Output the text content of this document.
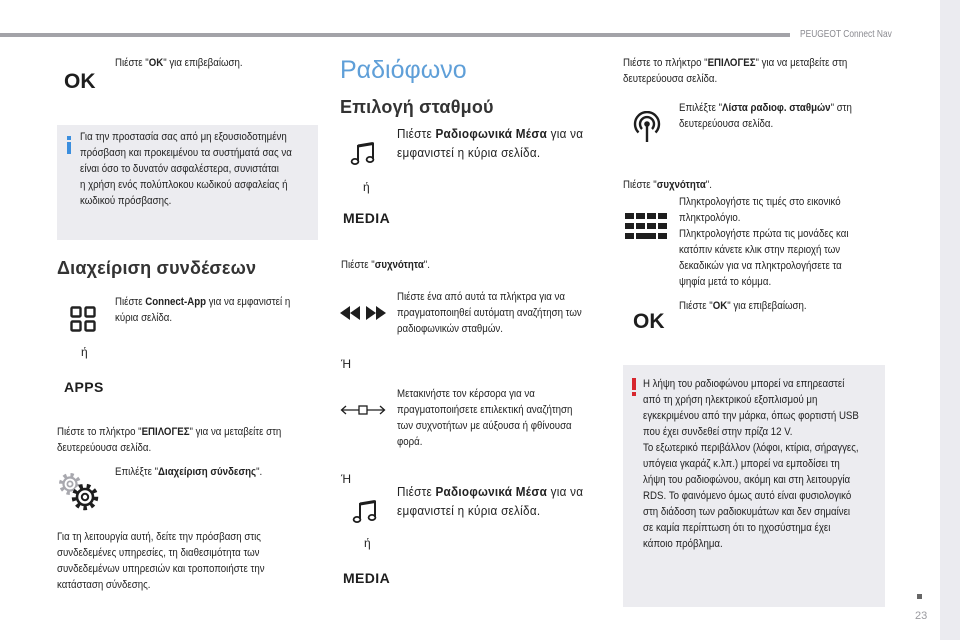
PEUGEOT Connect Nav
23
OK
Πιέστε "OK" για επιβεβαίωση.
Για την προστασία σας από μη εξουσιοδοτημένη
πρόσβαση και προκειμένου τα συστήματά σας να
είναι όσο το δυνατόν ασφαλέστερα, συνιστάται
η χρήση ενός πολύπλοκου κωδικού ασφαλείας ή
κωδικού πρόσβασης.
Διαχείριση συνδέσεων
ή
APPS
Πιέστε Connect-App για να εμφανιστεί η
κύρια σελίδα.
Πιέστε το πλήκτρο "ΕΠΙΛΟΓΕΣ" για να μεταβείτε στη
δευτερεύουσα σελίδα.
Επιλέξτε "Διαχείριση σύνδεσης".
Για τη λειτουργία αυτή, δείτε την πρόσβαση στις
συνδεδεμένες υπηρεσίες, τη διαθεσιμότητα των
συνδεδεμένων υπηρεσιών και τροποποιήστε την
κατάσταση σύνδεσης.
Ραδιόφωνο
Επιλογή σταθμού
ή
MEDIA
Πιέστε Ραδιοφωνικά Μέσα για να
εμφανιστεί η κύρια σελίδα.
Πιέστε "συχνότητα".
Πιέστε ένα από αυτά τα πλήκτρα για να
πραγματοποιηθεί αυτόματη αναζήτηση των
ραδιοφωνικών σταθμών.
Ή
Μετακινήστε τον κέρσορα για να
πραγματοποιήσετε επιλεκτική αναζήτηση
των συχνοτήτων με αύξουσα ή φθίνουσα
φορά.
Ή
ή
MEDIA
Πιέστε Ραδιοφωνικά Μέσα για να
εμφανιστεί η κύρια σελίδα.
Πιέστε το πλήκτρο "ΕΠΙΛΟΓΕΣ" για να μεταβείτε στη
δευτερεύουσα σελίδα.
Επιλέξτε "Λίστα ραδιοφ. σταθμών" στη
δευτερεύουσα σελίδα.
Πιέστε "συχνότητα".
Πληκτρολογήστε τις τιμές στο εικονικό
πληκτρολόγιο.
Πληκτρολογήστε πρώτα τις μονάδες και
κατόπιν κάνετε κλικ στην περιοχή των
δεκαδικών για να πληκτρολογήσετε τα
ψηφία μετά το κόμμα.
OK
Πιέστε "OK" για επιβεβαίωση.
Η λήψη του ραδιοφώνου μπορεί να επηρεαστεί
από τη χρήση ηλεκτρικού εξοπλισμού μη
εγκεκριμένου από την μάρκα, όπως φορτιστή USB
που έχει συνδεθεί στην πρίζα 12 V.
Το εξωτερικό περιβάλλον (λόφοι, κτίρια, σήραγγες,
υπόγεια γκαράζ κ.λπ.) μπορεί να εμποδίσει τη
λήψη του ραδιοφώνου, ακόμη και στη λειτουργία
RDS. Το φαινόμενο όμως αυτό είναι φυσιολογικό
στη διάδοση των ραδιοκυμάτων και δεν σημαίνει
σε καμία περίπτωση ότι το ηχοσύστημα έχει
κάποιο πρόβλημα.
